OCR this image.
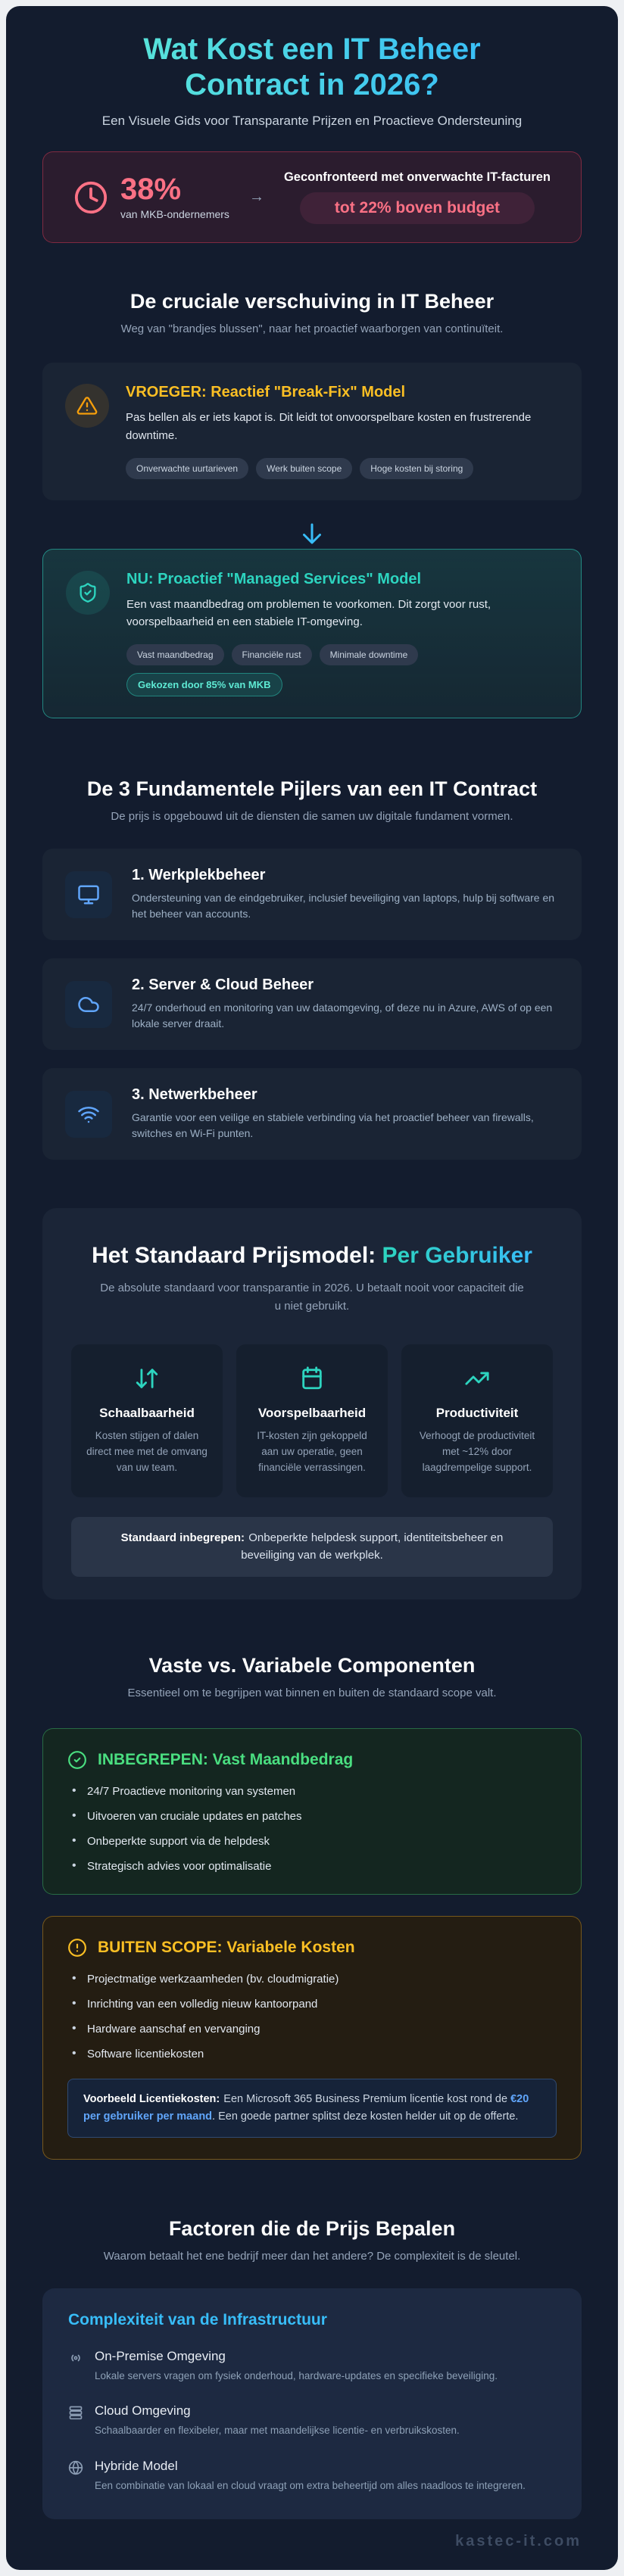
Wat Kost een IT Beheer
Contract in 2026?
Een Visuele Gids voor Transparante Prijzen en Proactieve Ondersteuning
38%
van MKB-ondernemers
→
Geconfronteerd met onverwachte IT-facturen
tot 22% boven budget
De cruciale verschuiving in IT Beheer
Weg van "brandjes blussen", naar het proactief waarborgen van continuïteit.
VROEGER: Reactief "Break-Fix" Model
Pas bellen als er iets kapot is. Dit leidt tot onvoorspelbare kosten en frustrerende downtime.
Onverwachte uurtarieven	Werk buiten scope	Hoge kosten bij storing
NU: Proactief "Managed Services" Model
Een vast maandbedrag om problemen te voorkomen. Dit zorgt voor rust, voorspelbaarheid en een stabiele IT-omgeving.
Vast maandbedrag	Financiële rust	Minimale downtime
Gekozen door 85% van MKB
De 3 Fundamentele Pijlers van een IT Contract
De prijs is opgebouwd uit de diensten die samen uw digitale fundament vormen.
1. Werkplekbeheer
Ondersteuning van de eindgebruiker, inclusief beveiliging van laptops, hulp bij software en het beheer van accounts.
2. Server & Cloud Beheer
24/7 onderhoud en monitoring van uw dataomgeving, of deze nu in Azure, AWS of op een lokale server draait.
3. Netwerkbeheer
Garantie voor een veilige en stabiele verbinding via het proactief beheer van firewalls, switches en Wi-Fi punten.
Het Standaard Prijsmodel: Per Gebruiker
De absolute standaard voor transparantie in 2026. U betaalt nooit voor capaciteit die u niet gebruikt.
Schaalbaarheid
Kosten stijgen of dalen direct mee met de omvang van uw team.
Voorspelbaarheid
IT-kosten zijn gekoppeld aan uw operatie, geen financiële verrassingen.
Productiviteit
Verhoogt de productiviteit met ~12% door laagdrempelige support.
Standaard inbegrepen: Onbeperkte helpdesk support, identiteitsbeheer en beveiliging van de werkplek.
Vaste vs. Variabele Componenten
Essentieel om te begrijpen wat binnen en buiten de standaard scope valt.
INBEGREPEN: Vast Maandbedrag
• 24/7 Proactieve monitoring van systemen
• Uitvoeren van cruciale updates en patches
• Onbeperkte support via de helpdesk
• Strategisch advies voor optimalisatie
BUITEN SCOPE: Variabele Kosten
• Projectmatige werkzaamheden (bv. cloudmigratie)
• Inrichting van een volledig nieuw kantoorpand
• Hardware aanschaf en vervanging
• Software licentiekosten
Voorbeeld Licentiekosten: Een Microsoft 365 Business Premium licentie kost rond de €20 per gebruiker per maand. Een goede partner splitst deze kosten helder uit op de offerte.
Factoren die de Prijs Bepalen
Waarom betaalt het ene bedrijf meer dan het andere? De complexiteit is de sleutel.
Complexiteit van de Infrastructuur
On-Premise Omgeving
Lokale servers vragen om fysiek onderhoud, hardware-updates en specifieke beveiliging.
Cloud Omgeving
Schaalbaarder en flexibeler, maar met maandelijkse licentie- en verbruikskosten.
Hybride Model
Een combinatie van lokaal en cloud vraagt om extra beheertijd om alles naadloos te integreren.
kastec-it.com
